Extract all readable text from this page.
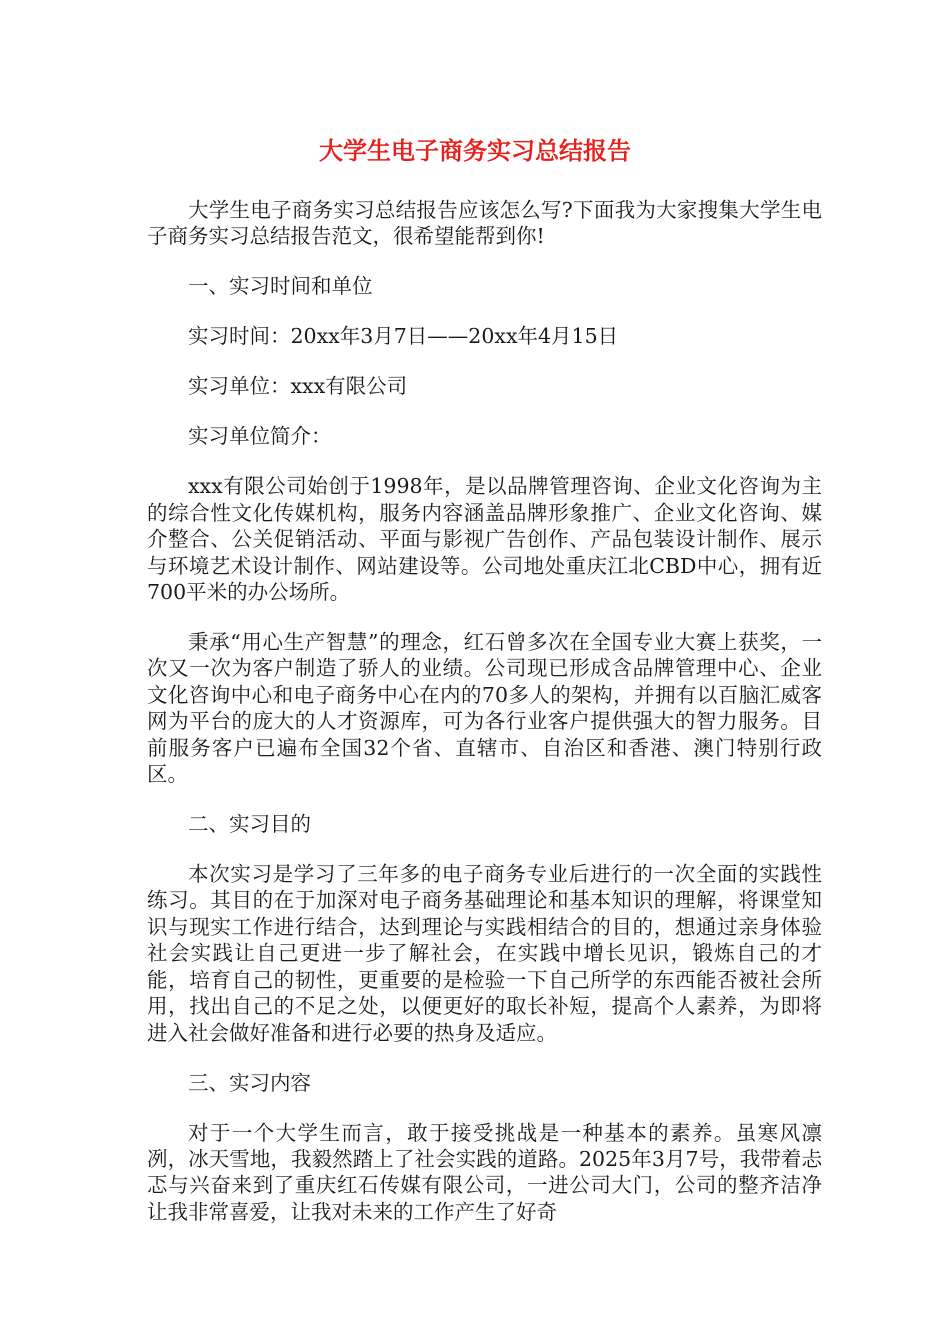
大学生电子商务实习总结报告

大学生电子商务实习总结报告应该怎么写?下面我为大家搜集大学生电子商务实习总结报告范文，很希望能帮到你!

一、实习时间和单位

实习时间：20xx年3月7日——20xx年4月15日

实习单位：xxx有限公司

实习单位简介：

xxx有限公司始创于1998年，是以品牌管理咨询、企业文化咨询为主的综合性文化传媒机构，服务内容涵盖品牌形象推广、企业文化咨询、媒介整合、公关促销活动、平面与影视广告创作、产品包装设计制作、展示与环境艺术设计制作、网站建设等。公司地处重庆江北CBD中心，拥有近700平米的办公场所。

秉承“用心生产智慧”的理念，红石曾多次在全国专业大赛上获奖，一次又一次为客户制造了骄人的业绩。公司现已形成含品牌管理中心、企业文化咨询中心和电子商务中心在内的70多人的架构，并拥有以百脑汇威客网为平台的庞大的人才资源库，可为各行业客户提供强大的智力服务。目前服务客户已遍布全国32个省、直辖市、自治区和香港、澳门特别行政区。

二、实习目的

本次实习是学习了三年多的电子商务专业后进行的一次全面的实践性练习。其目的在于加深对电子商务基础理论和基本知识的理解，将课堂知识与现实工作进行结合，达到理论与实践相结合的目的，想通过亲身体验社会实践让自己更进一步了解社会，在实践中增长见识，锻炼自己的才能，培育自己的韧性，更重要的是检验一下自己所学的东西能否被社会所用，找出自己的不足之处，以便更好的取长补短，提高个人素养，为即将进入社会做好准备和进行必要的热身及适应。

三、实习内容

对于一个大学生而言，敢于接受挑战是一种基本的素养。虽寒风凛冽，冰天雪地，我毅然踏上了社会实践的道路。2025年3月7号，我带着忐忑与兴奋来到了重庆红石传媒有限公司，一进公司大门，公司的整齐洁净让我非常喜爱，让我对未来的工作产生了好奇
